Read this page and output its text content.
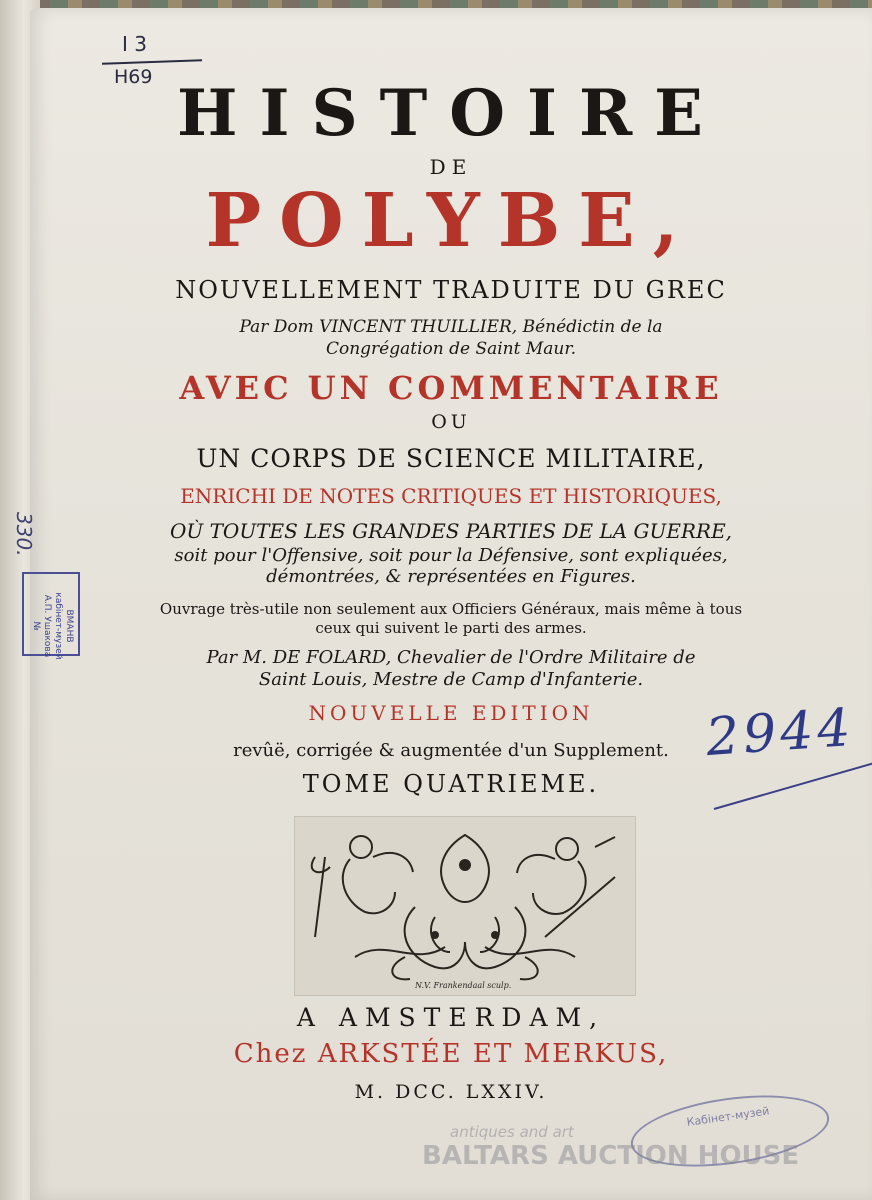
I 3
H69 HISTOIRE
DE
POLYBE,
NOUVELLEMENT TRADUITE DU GREC
Par Dom VINCENT THUILLIER, Bénédictin de la
Congrégation de Saint Maur.
AVEC UN COMMENTAIRE
OU
UN CORPS DE SCIENCE MILITAIRE,
ENRICHI DE NOTES CRITIQUES ET HISTORIQUES,
OÙ TOUTES LES GRANDES PARTIES DE LA GUERRE,
soit pour l'Offensive, soit pour la Défensive, sont expliquées,
démontrées, & représentées en Figures.
Ouvrage très-utile non seulement aux Officiers Généraux, mais même à tous
ceux qui suivent le parti des armes.
Par M. DE FOLARD, Chevalier de l'Ordre Militaire de
Saint Louis, Mestre de Camp d'Infanterie.
NOUVELLE EDITION
revûë, corrigée & augmentée d'un Supplement.
TOME QUATRIEME.
N.V. Frankendaal sculp.
A AMSTERDAM,
Chez ARKSTÉE ET MERKUS,
M. DCC. LXXIV.
2944
Кабінет-музей
antiques and art
BALTARS AUCTION HOUSE
330.
ВМАНВ
кабінет-музей
А.П. Ушакова
№
